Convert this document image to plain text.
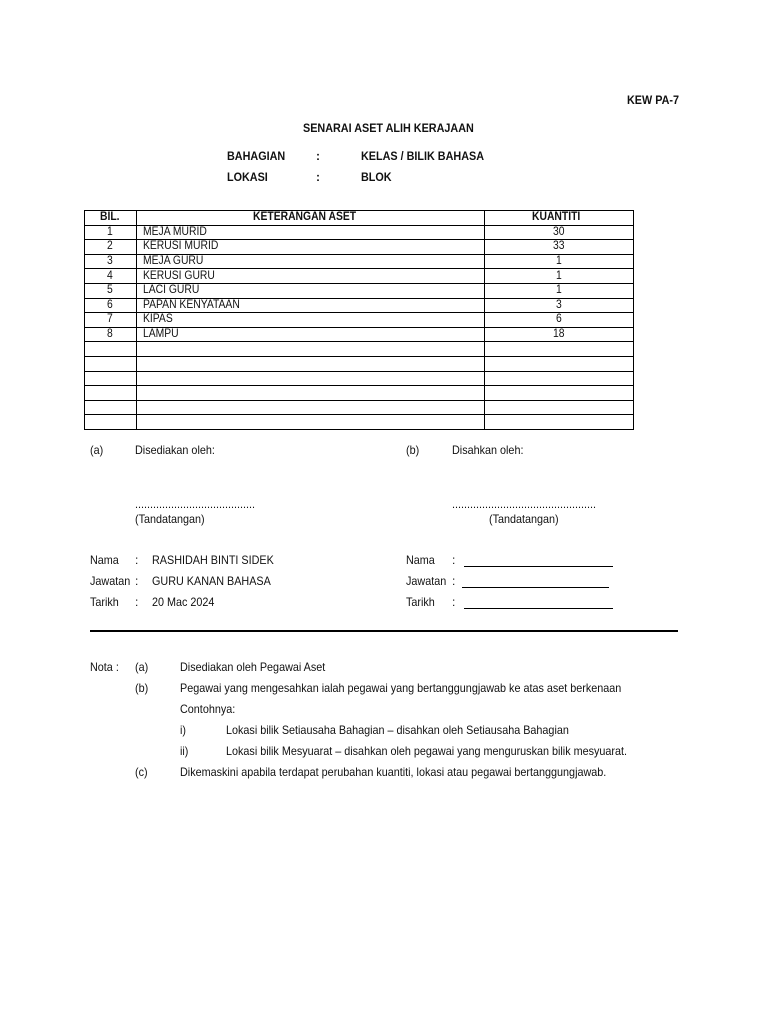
KEW PA-7
SENARAI ASET ALIH KERAJAAN
BAHAGIAN	:	KELAS / BILIK BAHASA
LOKASI	:	BLOK
BIL.	KETERANGAN ASET	KUANTITI
1	MEJA MURID	30
2	KERUSI MURID	33
3	MEJA GURU	1
4	KERUSI GURU	1
5	LACI GURU	1
6	PAPAN KENYATAAN	3
7	KIPAS	6
8	LAMPU	18

(a)	Disediakan oleh:
........................................
(Tandatangan)
Nama : RASHIDAH BINTI SIDEK
Jawatan : GURU KANAN BAHASA
Tarikh : 20 Mac 2024
(b)	Disahkan oleh:
................................................
(Tandatangan)
Nama :
Jawatan :
Tarikh :
Nota : (a)	Disediakan oleh Pegawai Aset
(b)	Pegawai yang mengesahkan ialah pegawai yang bertanggungjawab ke atas aset berkenaan
Contohnya:
i)	Lokasi bilik Setiausaha Bahagian – disahkan oleh Setiausaha Bahagian
ii)	Lokasi bilik Mesyuarat – disahkan oleh pegawai yang menguruskan bilik mesyuarat.
(c)	Dikemaskini apabila terdapat perubahan kuantiti, lokasi atau pegawai bertanggungjawab.
